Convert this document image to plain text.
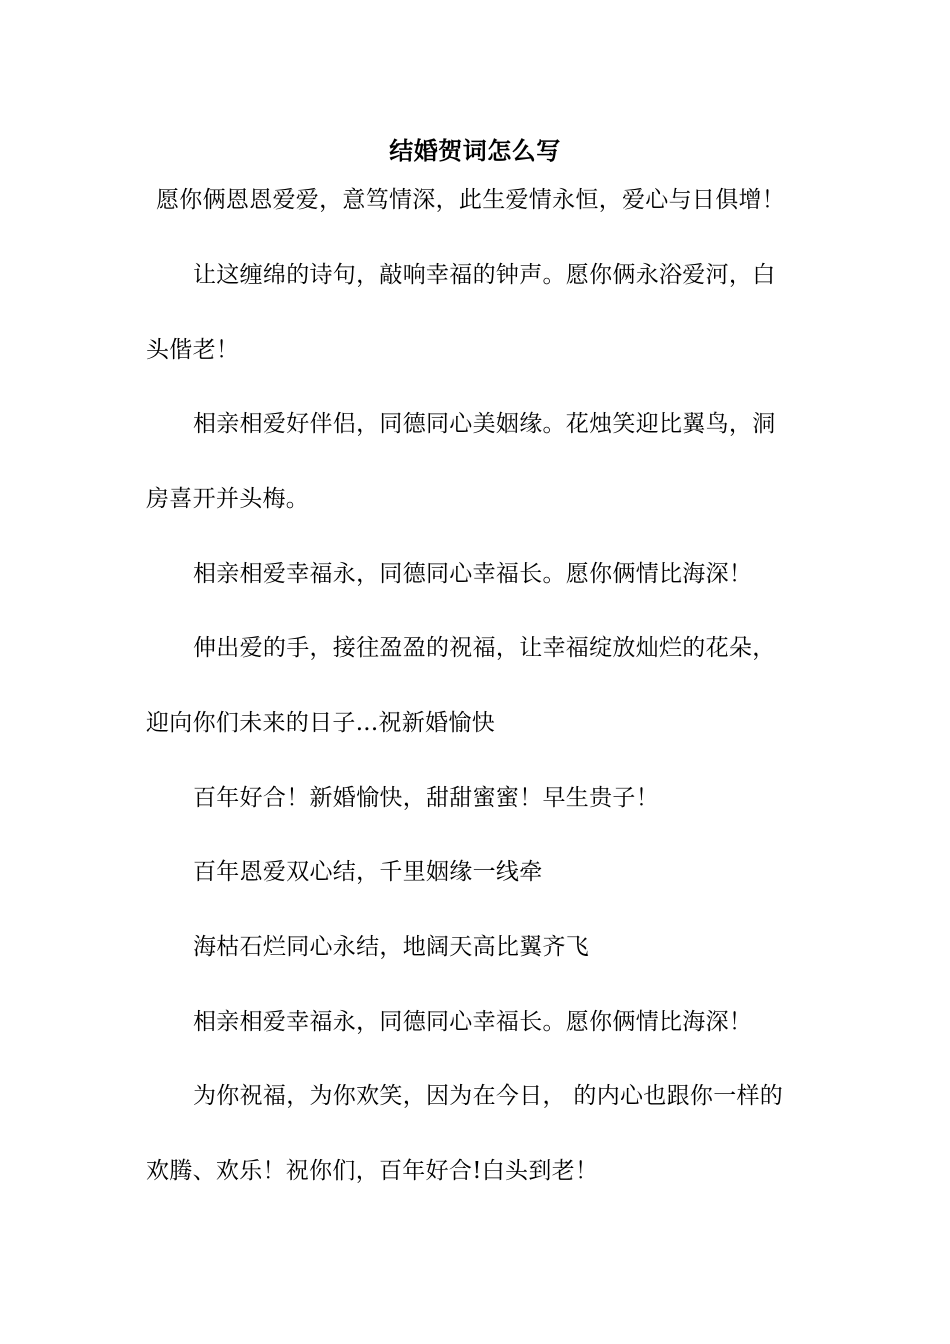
结婚贺词怎么写
愿你俩恩恩爱爱，意笃情深，此生爱情永恒，爱心与日俱增！
让这缠绵的诗句，敲响幸福的钟声。愿你俩永浴爱河，白
头偕老！
相亲相爱好伴侣，同德同心美姻缘。花烛笑迎比翼鸟，洞
房喜开并头梅。
相亲相爱幸福永，同德同心幸福长。愿你俩情比海深！
伸出爱的手，接往盈盈的祝福，让幸福绽放灿烂的花朵，
迎向你们未来的日子...祝新婚愉快
百年好合！新婚愉快，甜甜蜜蜜！早生贵子！
百年恩爱双心结，千里姻缘一线牵
海枯石烂同心永结，地阔天高比翼齐飞
相亲相爱幸福永，同德同心幸福长。愿你俩情比海深！
为你祝福，为你欢笑，因为在今日， 的内心也跟你一样的
欢腾、欢乐！祝你们，百年好合!白头到老！
